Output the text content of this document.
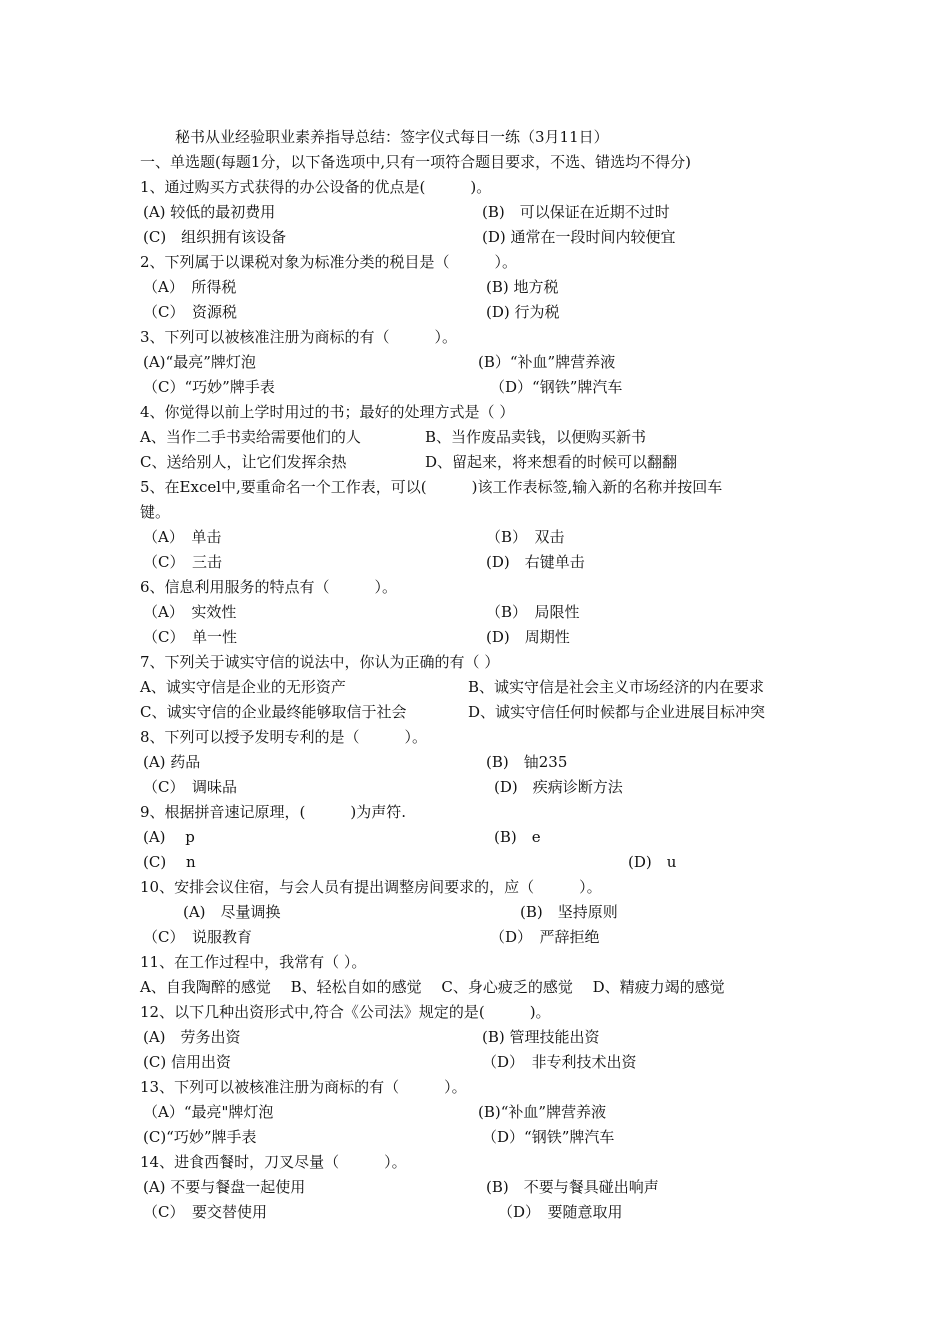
秘书从业经验职业素养指导总结：签字仪式每日一练（3月11日）
一、单选题(每题1分，以下备选项中,只有一项符合题目要求，不选、错选均不得分)
1、通过购买方式获得的办公设备的优点是(　　　)。
(A) 较低的最初费用	(B)　可以保证在近期不过时
(C)　组织拥有该设备	(D) 通常在一段时间内较便宜
2、下列属于以课税对象为标准分类的税目是（　　　）。
（A）　所得税	(B) 地方税
（C）　资源税	(D) 行为税
3、下列可以被核准注册为商标的有（　　　）。
(A)“最亮”牌灯泡	(B）“补血”牌营养液
（C）“巧妙”牌手表	（D）“钢铁”牌汽车
4、你觉得以前上学时用过的书；最好的处理方式是（ ）
A、当作二手书卖给需要他们的人	B、当作废品卖钱，以便购买新书
C、送给别人，让它们发挥余热	D、留起来，将来想看的时候可以翻翻
5、在Excel中,要重命名一个工作表，可以(　　　)该工作表标签,输入新的名称并按回车
键。
（A）　单击	（B）　双击
（C）　三击	(D)　右键单击
6、信息利用服务的特点有（　　　）。
（A）　实效性	（B）　局限性
（C）　单一性	(D)　周期性
7、下列关于诚实守信的说法中，你认为正确的有（ ）
A、诚实守信是企业的无形资产	B、诚实守信是社会主义市场经济的内在要求
C、诚实守信的企业最终能够取信于社会	D、诚实守信任何时候都与企业进展目标冲突
8、下列可以授予发明专利的是（　　　）。
(A) 药品	(B)　铀235
（C）　调味品	(D)　疾病诊断方法
9、根据拼音速记原理，(　　　)为声符.
(A)　 p	(B)　e
(C)　 n	(D)　u
10、安排会议住宿，与会人员有提出调整房间要求的，应（　　　）。
(A)　尽量调换	(B)　坚持原则
（C）　说服教育	（D）　严辞拒绝
11、在工作过程中，我常有（ ）。
A、自我陶醉的感觉　 B、轻松自如的感觉　 C、身心疲乏的感觉　 D、精疲力竭的感觉
12、以下几种出资形式中,符合《公司法》规定的是(　　　)。
(A)　劳务出资	(B) 管理技能出资
(C) 信用出资	（D）　非专利技术出资
13、下列可以被核准注册为商标的有（　　　）。
（A）“最亮"牌灯泡	(B)“补血”牌营养液
(C)“巧妙”牌手表	（D）“钢铁”牌汽车
14、进食西餐时，刀叉尽量（　　　）。
(A) 不要与餐盘一起使用	(B)　不要与餐具碰出响声
（C）　要交替使用	（D）　要随意取用
